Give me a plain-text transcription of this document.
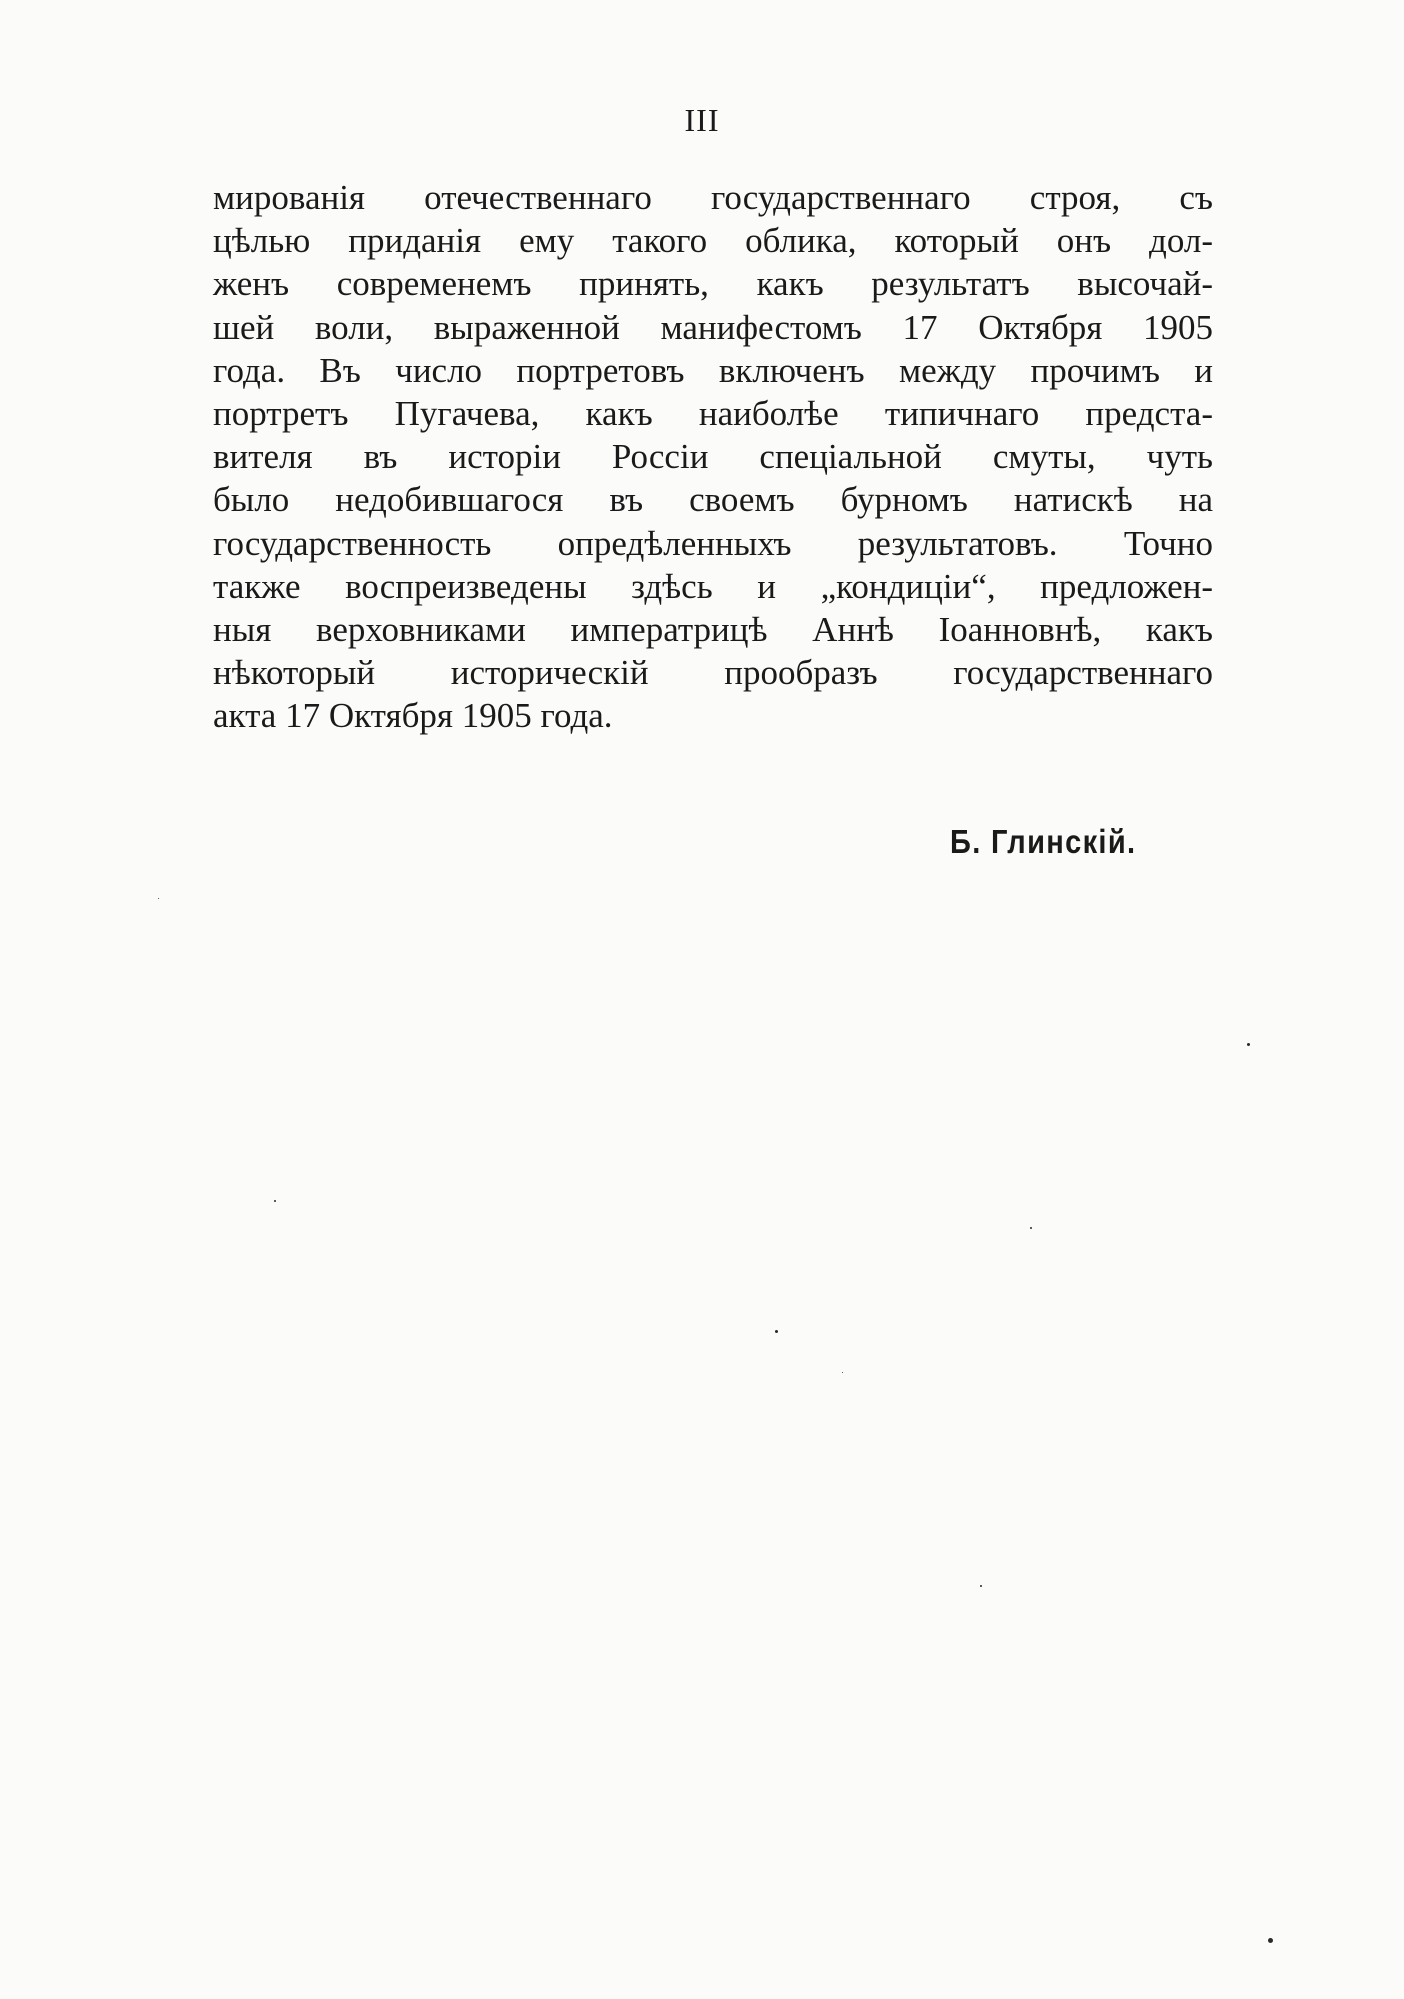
III
мированія отечественнаго государственнаго строя, съ
цѣлью приданія ему такого облика, который онъ дол-
женъ современемъ принять, какъ результатъ высочай-
шей воли, выраженной манифестомъ 17 Октября 1905
года. Въ число портретовъ включенъ между прочимъ и
портретъ Пугачева, какъ наиболѣе типичнаго предста-
вителя въ исторіи Россіи спеціальной смуты, чуть
было недобившагося въ своемъ бурномъ натискѣ на
государственность опредѣленныхъ результатовъ. Точно
также воспреизведены здѣсь и „кондиціи“, предложен-
ныя верховниками императрицѣ Аннѣ Іоанновнѣ, какъ
нѣкоторый историческій прообразъ государственнаго
акта 17 Октября 1905 года.
Б. Глинскій.
